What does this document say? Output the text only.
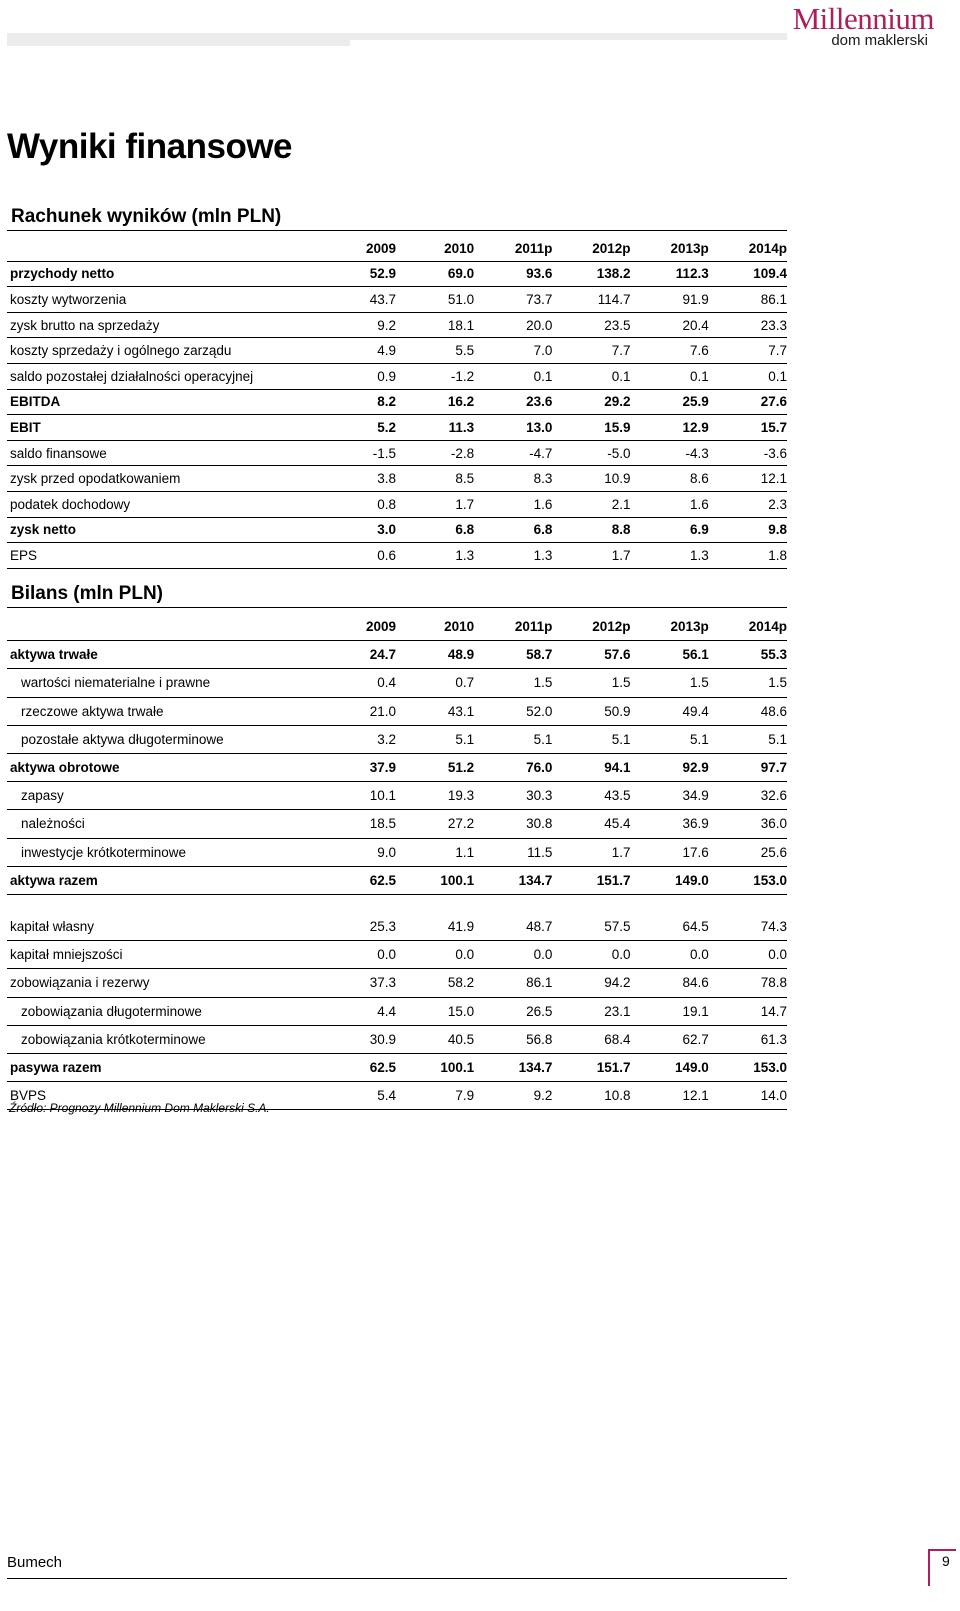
Millennium
dom maklerski
Wyniki finansowe
Rachunek wyników (mln PLN)
	2009	2010	2011p	2012p	2013p	2014p
przychody netto	52.9	69.0	93.6	138.2	112.3	109.4
koszty wytworzenia	43.7	51.0	73.7	114.7	91.9	86.1
zysk brutto na sprzedaży	9.2	18.1	20.0	23.5	20.4	23.3
koszty sprzedaży i ogólnego zarządu	4.9	5.5	7.0	7.7	7.6	7.7
saldo pozostałej działalności operacyjnej	0.9	-1.2	0.1	0.1	0.1	0.1
EBITDA	8.2	16.2	23.6	29.2	25.9	27.6
EBIT	5.2	11.3	13.0	15.9	12.9	15.7
saldo finansowe	-1.5	-2.8	-4.7	-5.0	-4.3	-3.6
zysk przed opodatkowaniem	3.8	8.5	8.3	10.9	8.6	12.1
podatek dochodowy	0.8	1.7	1.6	2.1	1.6	2.3
zysk netto	3.0	6.8	6.8	8.8	6.9	9.8
EPS	0.6	1.3	1.3	1.7	1.3	1.8
Bilans (mln PLN)
	2009	2010	2011p	2012p	2013p	2014p
aktywa trwałe	24.7	48.9	58.7	57.6	56.1	55.3
wartości niematerialne i prawne	0.4	0.7	1.5	1.5	1.5	1.5
rzeczowe aktywa trwałe	21.0	43.1	52.0	50.9	49.4	48.6
pozostałe aktywa długoterminowe	3.2	5.1	5.1	5.1	5.1	5.1
aktywa obrotowe	37.9	51.2	76.0	94.1	92.9	97.7
zapasy	10.1	19.3	30.3	43.5	34.9	32.6
należności	18.5	27.2	30.8	45.4	36.9	36.0
inwestycje krótkoterminowe	9.0	1.1	11.5	1.7	17.6	25.6
aktywa razem	62.5	100.1	134.7	151.7	149.0	153.0
kapitał własny	25.3	41.9	48.7	57.5	64.5	74.3
kapitał mniejszości	0.0	0.0	0.0	0.0	0.0	0.0
zobowiązania i rezerwy	37.3	58.2	86.1	94.2	84.6	78.8
zobowiązania długoterminowe	4.4	15.0	26.5	23.1	19.1	14.7
zobowiązania krótkoterminowe	30.9	40.5	56.8	68.4	62.7	61.3
pasywa razem	62.5	100.1	134.7	151.7	149.0	153.0
BVPS	5.4	7.9	9.2	10.8	12.1	14.0

Źródło: Prognozy Millennium Dom Maklerski S.A.

Bumech	9
